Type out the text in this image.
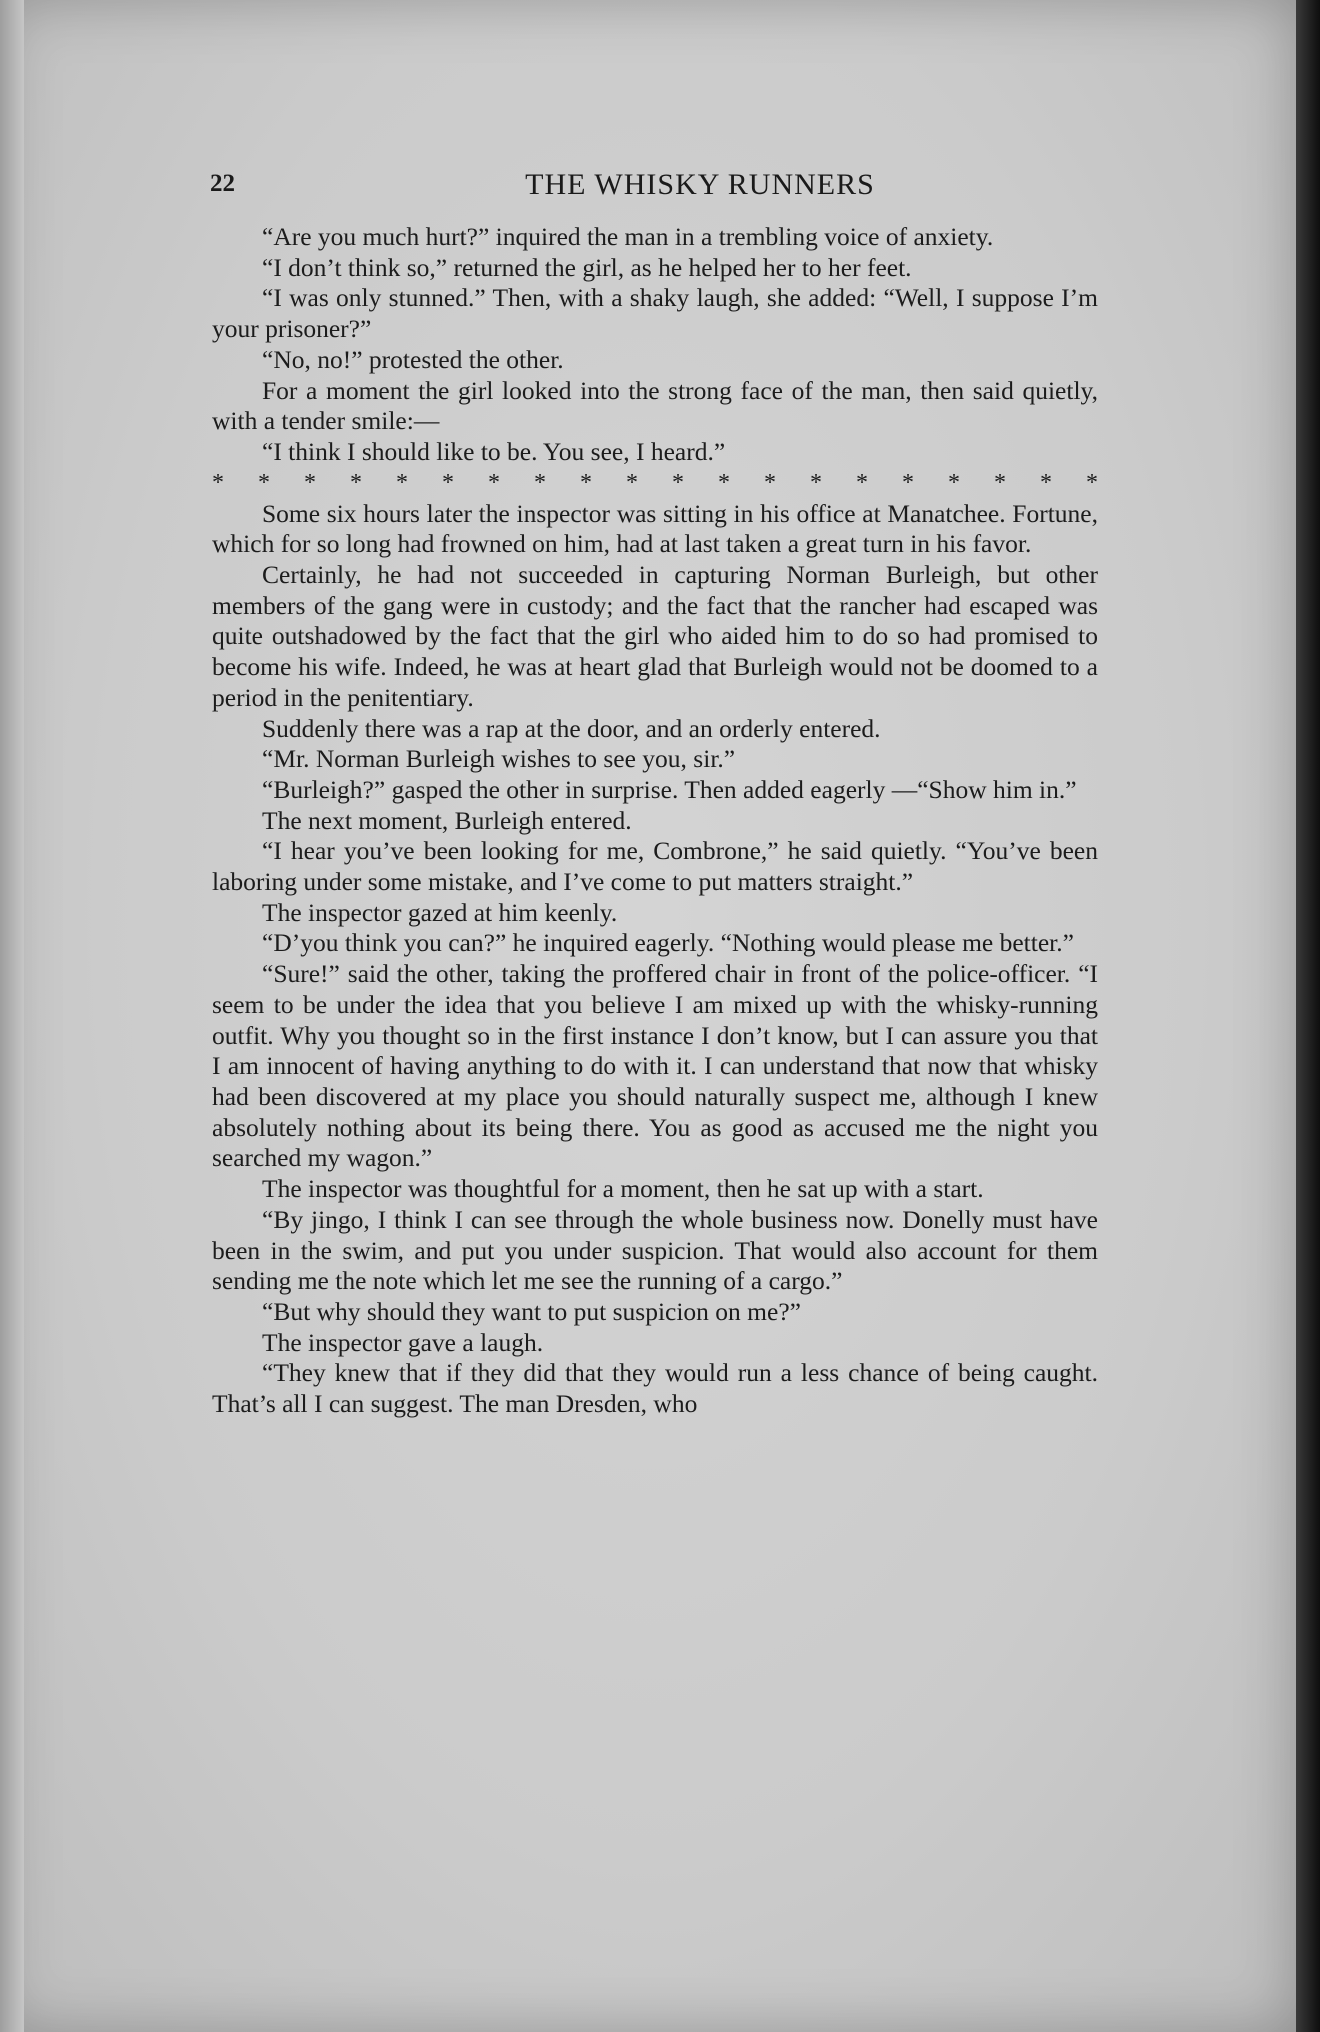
22	THE WHISKY RUNNERS

“Are you much hurt?” inquired the man in a trembling voice of anxiety.

“I don’t think so,” returned the girl, as he helped her to her feet.

“I was only stunned.” Then, with a shaky laugh, she added: “Well, I suppose I’m your prisoner?”

“No, no!” protested the other.

For a moment the girl looked into the strong face of the man, then said quietly, with a tender smile:—

“I think I should like to be. You see, I heard.”

* * * * * * * * * * * * * * * * * * * *

Some six hours later the inspector was sitting in his office at Manatchee. Fortune, which for so long had frowned on him, had at last taken a great turn in his favor.

Certainly, he had not succeeded in capturing Norman Burleigh, but other members of the gang were in custody; and the fact that the rancher had escaped was quite outshadowed by the fact that the girl who aided him to do so had promised to become his wife. Indeed, he was at heart glad that Burleigh would not be doomed to a period in the penitentiary.

Suddenly there was a rap at the door, and an orderly entered.

“Mr. Norman Burleigh wishes to see you, sir.”

“Burleigh?” gasped the other in surprise. Then added eagerly —“Show him in.”

The next moment, Burleigh entered.

“I hear you’ve been looking for me, Combrone,” he said quietly. “You’ve been laboring under some mistake, and I’ve come to put matters straight.”

The inspector gazed at him keenly.

“D’you think you can?” he inquired eagerly. “Nothing would please me better.”

“Sure!” said the other, taking the proffered chair in front of the police-officer. “I seem to be under the idea that you believe I am mixed up with the whisky-running outfit. Why you thought so in the first instance I don’t know, but I can assure you that I am innocent of having anything to do with it. I can understand that now that whisky had been discovered at my place you should naturally suspect me, although I knew absolutely nothing about its being there. You as good as accused me the night you searched my wagon.”

The inspector was thoughtful for a moment, then he sat up with a start.

“By jingo, I think I can see through the whole business now. Donelly must have been in the swim, and put you under suspicion. That would also account for them sending me the note which let me see the running of a cargo.”

“But why should they want to put suspicion on me?”

The inspector gave a laugh.

“They knew that if they did that they would run a less chance of being caught. That’s all I can suggest. The man Dresden, who
